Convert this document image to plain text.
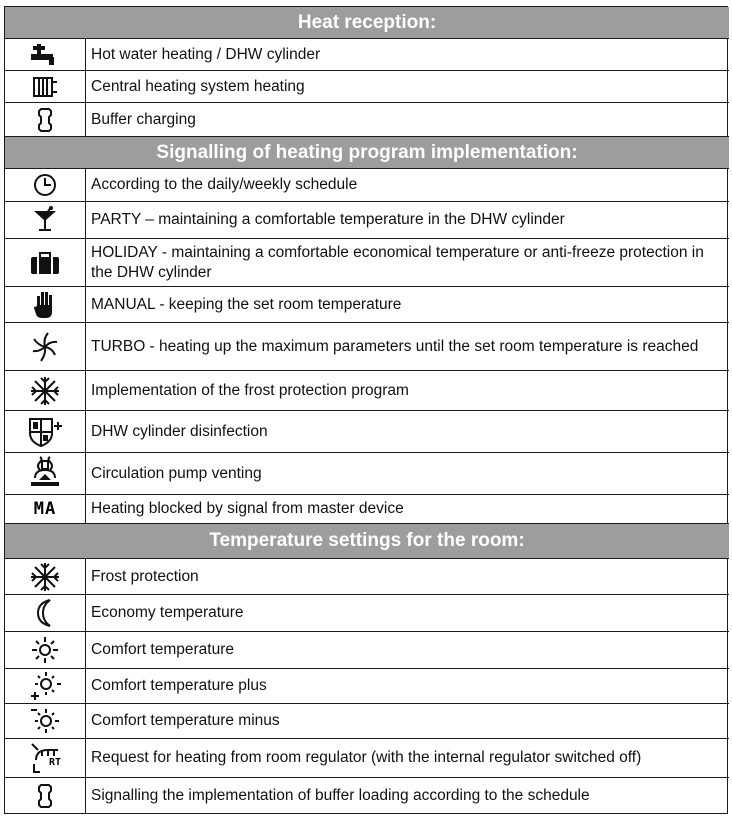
Heat reception:
Hot water heating / DHW cylinder
Central heating system heating
Buffer charging
Signalling of heating program implementation:
According to the daily/weekly schedule
PARTY – maintaining a comfortable temperature in the DHW cylinder
HOLIDAY - maintaining a comfortable economical temperature or anti-freeze protection in the DHW cylinder
MANUAL - keeping the set room temperature
TURBO - heating up the maximum parameters until the set room temperature is reached
Implementation of the frost protection program
DHW cylinder disinfection
Circulation pump venting
MA	Heating blocked by signal from master device
Temperature settings for the room:
Frost protection
Economy temperature
Comfort temperature
Comfort temperature plus
Comfort temperature minus
RT	Request for heating from room regulator (with the internal regulator switched off)
Signalling the implementation of buffer loading according to the schedule
